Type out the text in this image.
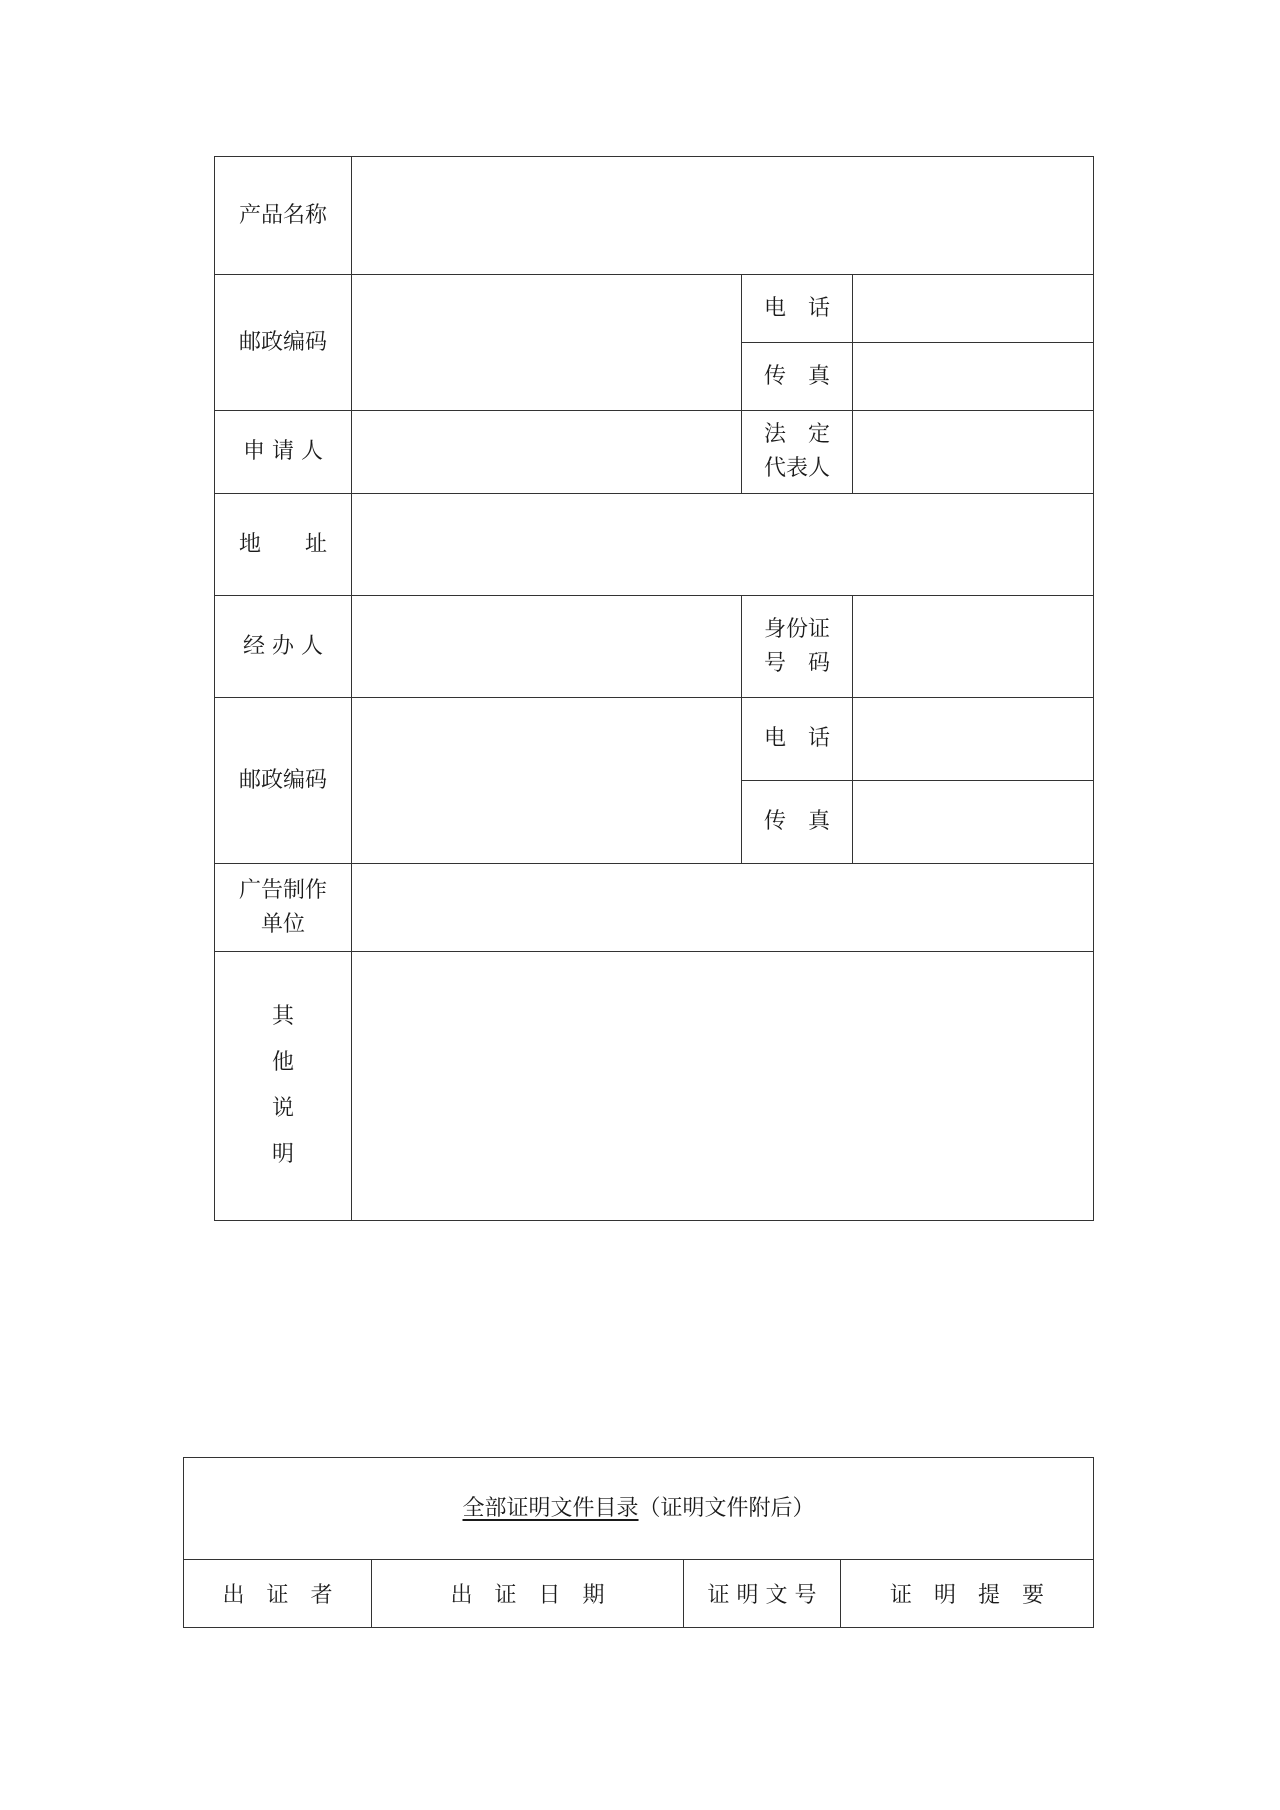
产品名称			

邮政编码		电　话	

		传　真	

申 请 人		法　定
代表人	

地　　址			

经 办 人		身份证
号　码	

邮政编码		电　话	

		传　真	

广告制作
单位			

其
他
说
明			

全部证明文件目录（证明文件附后）
出　证　者	出　证　日　期	证 明 文 号	证　明　提　要
